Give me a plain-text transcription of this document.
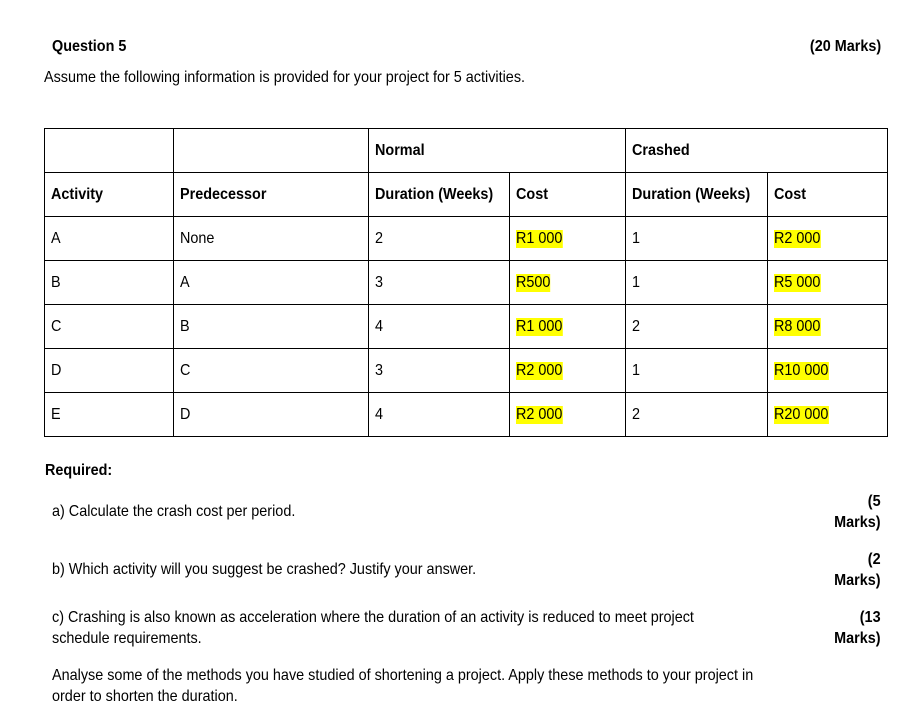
Question 5	(20 Marks)
Assume the following information is provided for your project for 5 activities.
		Normal		Crashed	
Activity	Predecessor	Duration (Weeks)	Cost	Duration (Weeks)	Cost
A	None	2	R1 000	1	R2 000
B	A	3	R500	1	R5 000
C	B	4	R1 000	2	R8 000
D	C	3	R2 000	1	R10 000
E	D	4	R2 000	2	R20 000
Required:
a) Calculate the crash cost per period.
(5
Marks)
b) Which activity will you suggest be crashed? Justify your answer.
(2
Marks)
c) Crashing is also known as acceleration where the duration of an activity is reduced to meet project
schedule requirements.
(13
Marks)
Analyse some of the methods you have studied of shortening a project. Apply these methods to your project in
order to shorten the duration.
